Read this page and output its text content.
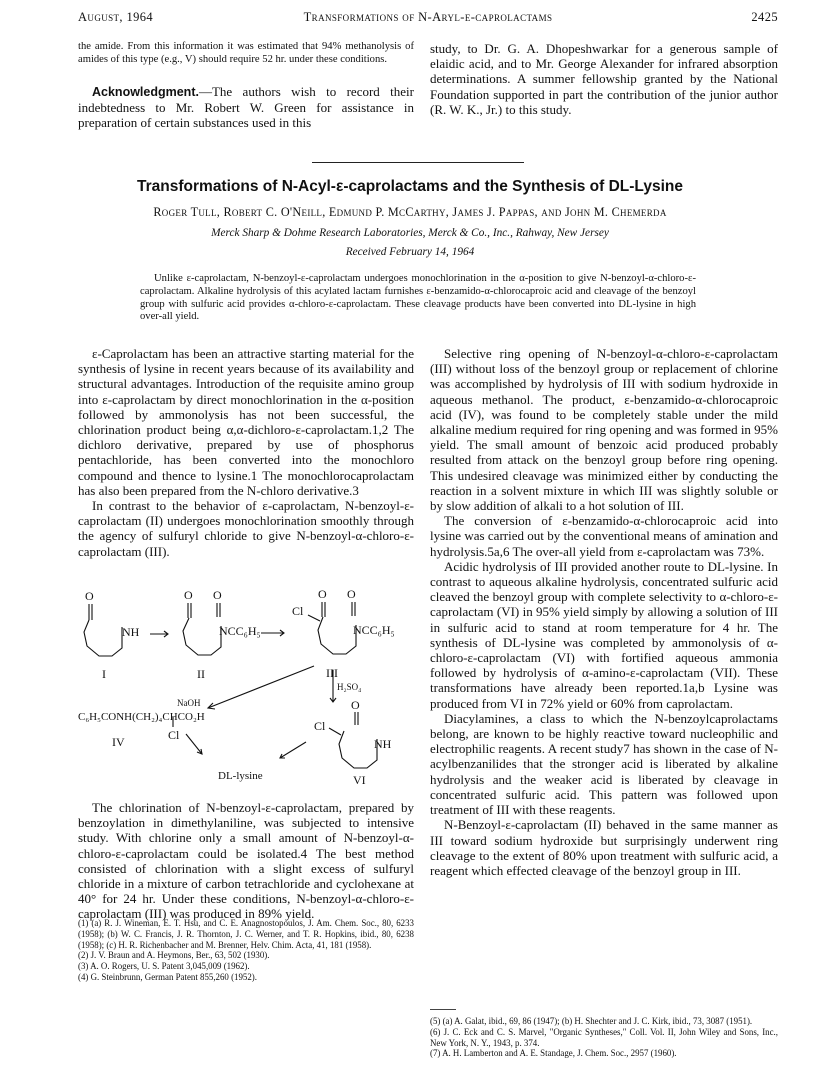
August, 1964	Transformations of N-Aryl-ε-caprolactams	2425

the amide. From this information it was estimated that 94% methanolysis of amides of this type (e.g., V) should require 52 hr. under these conditions.

Acknowledgment.—The authors wish to record their indebtedness to Mr. Robert W. Green for assistance in preparation of certain substances used in this

study, to Dr. G. A. Dhopeshwarkar for a generous sample of elaidic acid, and to Mr. George Alexander for infrared absorption determinations. A summer fellowship granted by the National Foundation supported in part the contribution of the junior author (R. W. K., Jr.) to this study.

Transformations of N-Acyl-ε-caprolactams and the Synthesis of DL-Lysine
Roger Tull, Robert C. O'Neill, Edmund P. McCarthy, James J. Pappas, and John M. Chemerda
Merck Sharp & Dohme Research Laboratories, Merck & Co., Inc., Rahway, New Jersey
Received February 14, 1964

Unlike ε-caprolactam, N-benzoyl-ε-caprolactam undergoes monochlorination in the α-position to give N-benzoyl-α-chloro-ε-caprolactam. Alkaline hydrolysis of this acylated lactam furnishes ε-benzamido-α-chlorocaproic acid and cleavage of the benzoyl group with sulfuric acid provides α-chloro-ε-caprolactam. These cleavage products have been converted into DL-lysine in high over-all yield.

ε-Caprolactam has been an attractive starting material for the synthesis of lysine in recent years because of its availability and structural advantages. Introduction of the requisite amino group into ε-caprolactam by direct monochlorination in the α-position followed by ammonolysis has not been successful, the chlorination product being α,α-dichloro-ε-caprolactam.1,2 The dichloro derivative, prepared by use of phosphorus pentachloride, has been converted into the monochloro compound and thence to lysine.1 The monochlorocaprolactam has also been prepared from the N-chloro derivative.3

In contrast to the behavior of ε-caprolactam, N-benzoyl-ε-caprolactam (II) undergoes monochlorination smoothly through the agency of sulfuryl chloride to give N-benzoyl-α-chloro-ε-caprolactam (III).

O
NH
I
O O
NCC₆H₅
II
Cl
O O
NCC₆H₅
III
H₂SO₄
NaOH
C₆H₅CONH(CH₂)₄CHCO₂H
Cl
IV
O
Cl
NH
VI
DL-lysine

The chlorination of N-benzoyl-ε-caprolactam, prepared by benzoylation in dimethylaniline, was subjected to intensive study. With chlorine only a small amount of N-benzoyl-α-chloro-ε-caprolactam could be isolated.4 The best method consisted of chlorination with a slight excess of sulfuryl chloride in a mixture of carbon tetrachloride and cyclohexane at 40° for 24 hr. Under these conditions, N-benzoyl-α-chloro-ε-caprolactam (III) was produced in 89% yield.

Selective ring opening of N-benzoyl-α-chloro-ε-caprolactam (III) without loss of the benzoyl group or replacement of chlorine was accomplished by hydrolysis of III with sodium hydroxide in aqueous methanol. The product, ε-benzamido-α-chlorocaproic acid (IV), was found to be completely stable under the mild alkaline medium required for ring opening and was formed in 95% yield. The small amount of benzoic acid produced probably resulted from attack on the benzoyl group before ring opening. This undesired cleavage was minimized either by conducting the reaction in a solvent mixture in which III was slightly soluble or by slow addition of alkali to a hot solution of III.

The conversion of ε-benzamido-α-chlorocaproic acid into lysine was carried out by the conventional means of amination and hydrolysis.5a,6 The over-all yield from ε-caprolactam was 73%.

Acidic hydrolysis of III provided another route to DL-lysine. In contrast to aqueous alkaline hydrolysis, concentrated sulfuric acid cleaved the benzoyl group with complete selectivity to α-chloro-ε-caprolactam (VI) in 95% yield simply by allowing a solution of III in sulfuric acid to stand at room temperature for 4 hr. The synthesis of DL-lysine was completed by ammonolysis of α-chloro-ε-caprolactam (VI) with fortified aqueous ammonia followed by hydrolysis of α-amino-ε-caprolactam (VII). These transformations have already been reported.1a,b Lysine was produced from VI in 72% yield or 60% from caprolactam.

Diacylamines, a class to which the N-benzoylcaprolactams belong, are known to be highly reactive toward nucleophilic and electrophilic reagents. A recent study7 has shown in the case of N-acylbenzanilides that the stronger acid is liberated by alkaline hydrolysis and the weaker acid is liberated by cleavage in concentrated sulfuric acid. This pattern was followed upon treatment of III with these reagents.

N-Benzoyl-ε-caprolactam (II) behaved in the same manner as III toward sodium hydroxide but surprisingly underwent ring cleavage to the extent of 80% upon treatment with sulfuric acid, a reagent which effected cleavage of the benzoyl group in III.

(1) (a) R. J. Wineman, E. T. Hsu, and C. E. Anagnostopoulos, J. Am. Chem. Soc., 80, 6233 (1958); (b) W. C. Francis, J. R. Thornton, J. C. Werner, and T. R. Hopkins, ibid., 80, 6238 (1958); (c) H. R. Richenbacher and M. Brenner, Helv. Chim. Acta, 41, 181 (1958).

(2) J. V. Braun and A. Heymons, Ber., 63, 502 (1930).

(3) A. O. Rogers, U. S. Patent 3,045,009 (1962).

(4) G. Steinbrunn, German Patent 855,260 (1952).

(5) (a) A. Galat, ibid., 69, 86 (1947); (b) H. Shechter and J. C. Kirk, ibid., 73, 3087 (1951).

(6) J. C. Eck and C. S. Marvel, "Organic Syntheses," Coll. Vol. II, John Wiley and Sons, Inc., New York, N. Y., 1943, p. 374.

(7) A. H. Lamberton and A. E. Standage, J. Chem. Soc., 2957 (1960).
